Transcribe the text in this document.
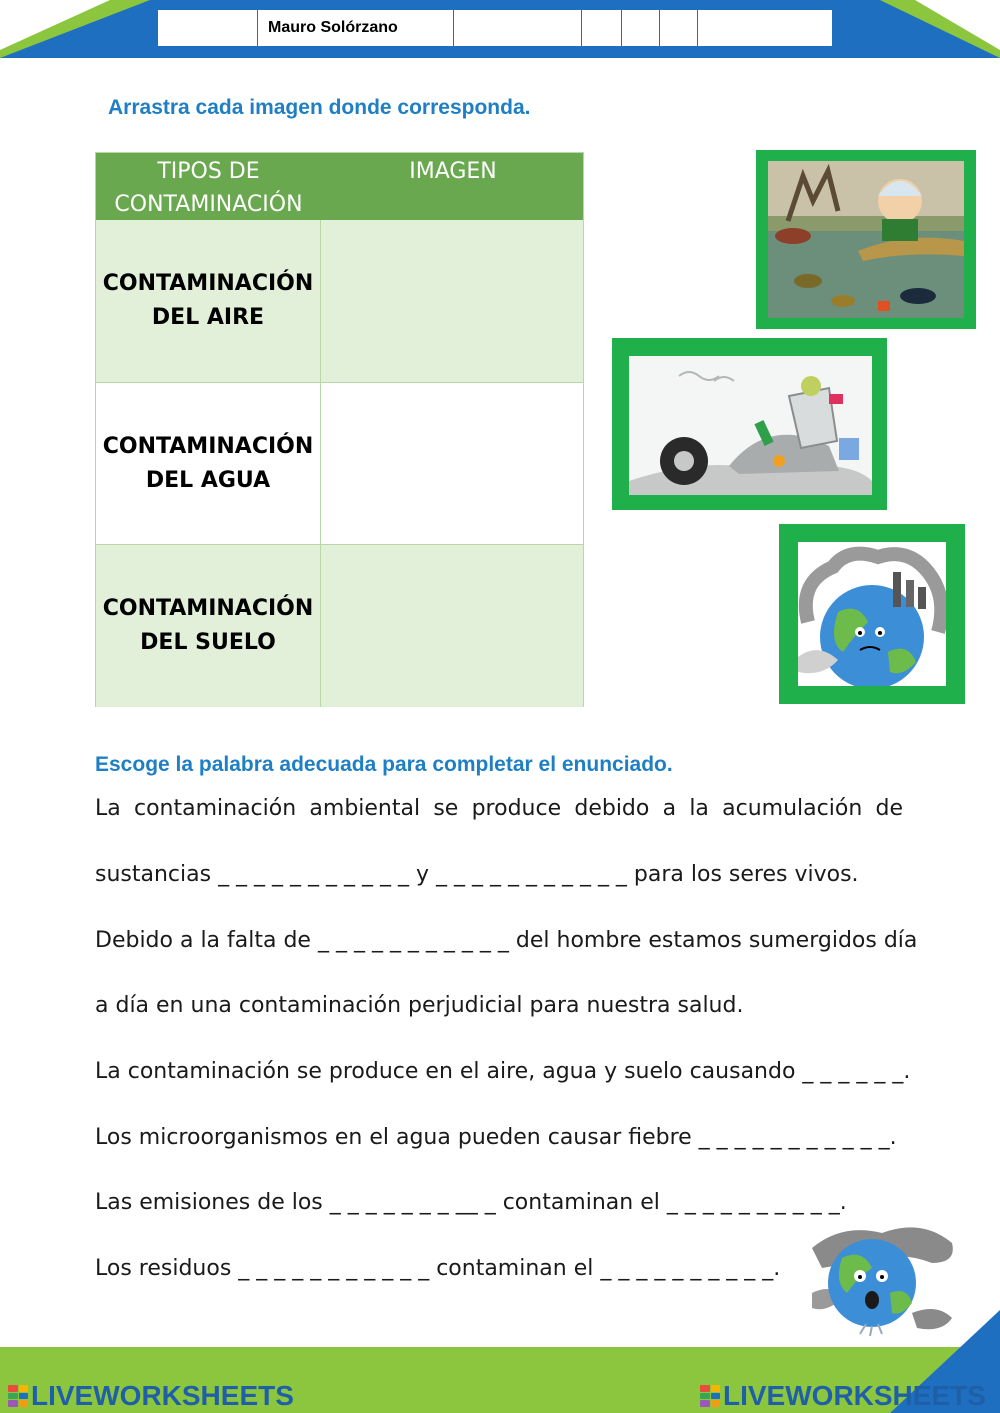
Mauro Solórzano
Arrastra cada imagen donde corresponda.
TIPOS DE CONTAMINACIÓN
IMAGEN
CONTAMINACIÓN DEL AIRE
CONTAMINACIÓN DEL AGUA
CONTAMINACIÓN DEL SUELO
Escoge la palabra adecuada para completar el enunciado.
La contaminación ambiental se produce debido a la acumulación de
sustancias _ _ _ _ _ _ _ _ _ _ _ y _ _ _ _ _ _ _ _ _ _ _ para los seres vivos.
Debido a la falta de _ _ _ _ _ _ _ _ _ _ _ del hombre estamos sumergidos día
a día en una contaminación perjudicial para nuestra salud.
La contaminación se produce en el aire, agua y suelo causando _ _ _ _ _ _.
Los microorganismos en el agua pueden causar fiebre _ _ _ _ _ _ _ _ _ _ _.
Las emisiones de los _ _ _ _ _ _ _ __ _ contaminan el _ _ _ _ _ _ _ _ _ _.
Los residuos _ _ _ _ _ _ _ _ _ _ _ contaminan el _ _ _ _ _ _ _ _ _ _.
LIVEWORKSHEETS	LIVEWORKSHEETS
